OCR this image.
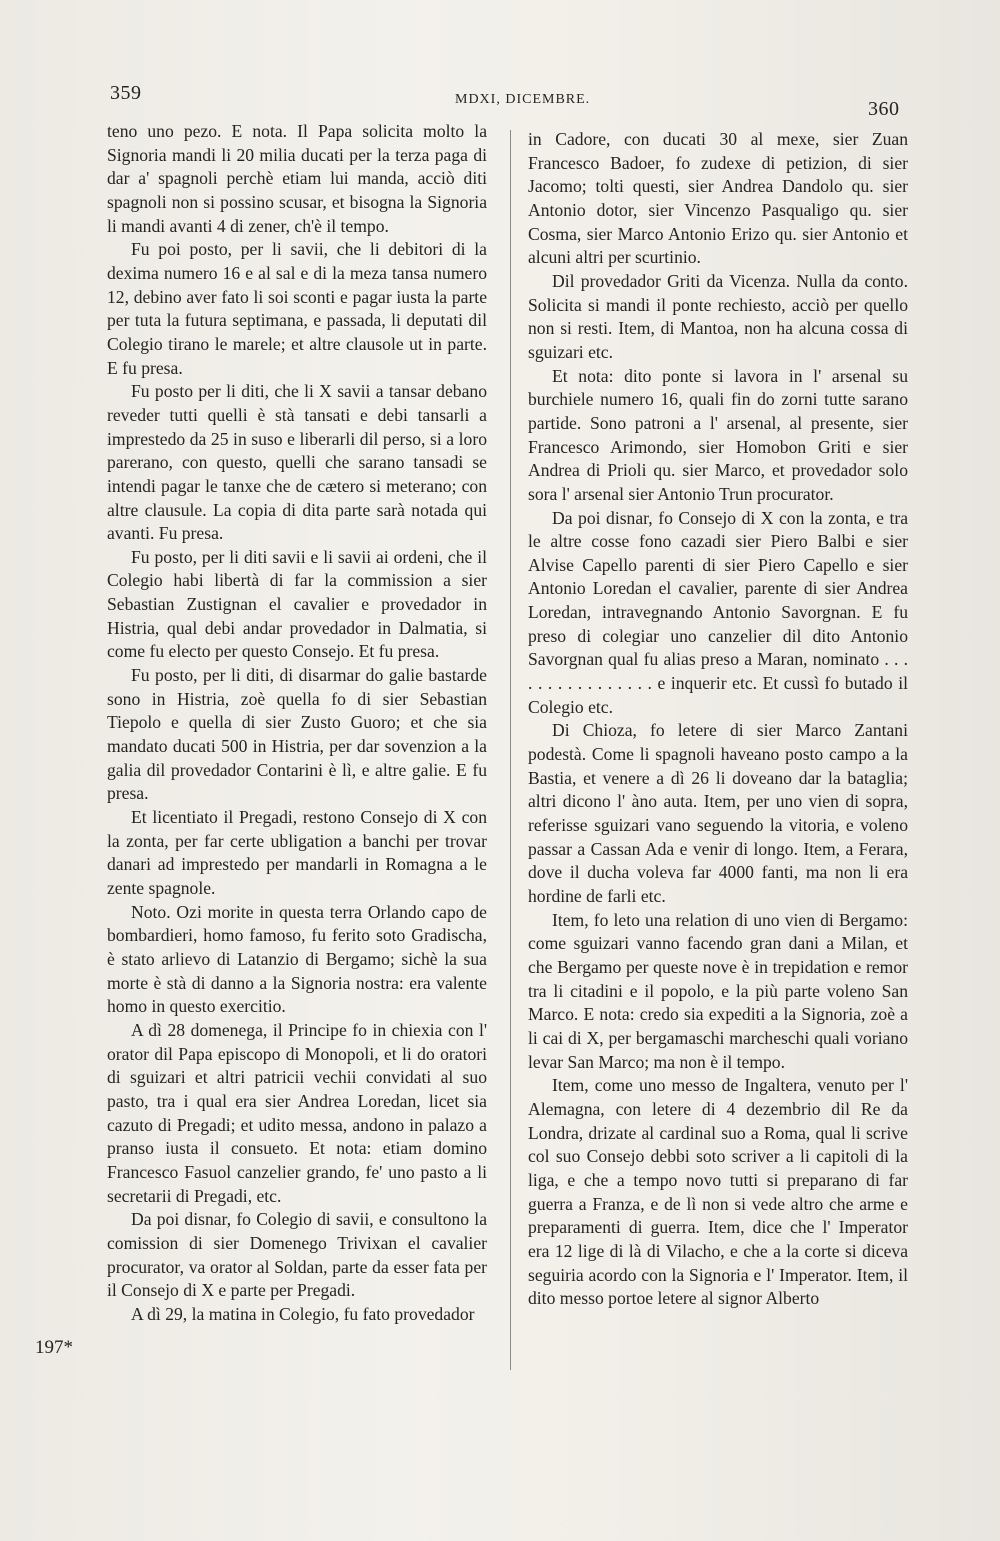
359	MDXI, DICEMBRE.	360

teno uno pezo. E nota. Il Papa solicita molto la Signoria mandi li 20 milia ducati per la terza paga di dar a' spagnoli perchè etiam lui manda, acciò diti spagnoli non si possino scusar, et bisogna la Signoria li mandi avanti 4 di zener, ch'è il tempo.

Fu poi posto, per li savii, che li debitori di la dexima numero 16 e al sal e di la meza tansa numero 12, debino aver fato li soi sconti e pagar iusta la parte per tuta la futura septimana, e passada, li deputati dil Colegio tirano le marele; et altre clausole ut in parte. E fu presa.

Fu posto per li diti, che li X savii a tansar debano reveder tutti quelli è stà tansati e debi tansarli a imprestedo da 25 in suso e liberarli dil perso, si a loro parerano, con questo, quelli che sarano tansadi se intendi pagar le tanxe che de cætero si meterano; con altre clausule. La copia di dita parte sarà notada qui avanti. Fu presa.

Fu posto, per li diti savii e li savii ai ordeni, che il Colegio habi libertà di far la commission a sier Sebastian Zustignan el cavalier e provedador in Histria, qual debi andar provedador in Dalmatia, si come fu electo per questo Consejo. Et fu presa.

Fu posto, per li diti, di disarmar do galie bastarde sono in Histria, zoè quella fo di sier Sebastian Tiepolo e quella di sier Zusto Guoro; et che sia mandato ducati 500 in Histria, per dar sovenzion a la galia dil provedador Contarini è lì, e altre galie. E fu presa.

Et licentiato il Pregadi, restono Consejo di X con la zonta, per far certe ubligation a banchi per trovar danari ad imprestedo per mandarli in Romagna a le zente spagnole.

Noto. Ozi morite in questa terra Orlando capo de bombardieri, homo famoso, fu ferito soto Gradischa, è stato arlievo di Latanzio di Bergamo; sichè la sua morte è stà di danno a la Signoria nostra: era valente homo in questo exercitio.

A dì 28 domenega, il Principe fo in chiexia con l' orator dil Papa episcopo di Monopoli, et li do oratori di sguizari et altri patricii vechii convidati al suo pasto, tra i qual era sier Andrea Loredan, licet sia cazuto di Pregadi; et udito messa, andono in palazo a pranso iusta il consueto. Et nota: etiam domino Francesco Fasuol canzelier grando, fe' uno pasto a li secretarii di Pregadi, etc.

Da poi disnar, fo Colegio di savii, e consultono la comission di sier Domenego Trivixan el cavalier procurator, va orator al Soldan, parte da esser fata per il Consejo di X e parte per Pregadi.

A dì 29, la matina in Colegio, fu fato provedador

in Cadore, con ducati 30 al mexe, sier Zuan Francesco Badoer, fo zudexe di petizion, di sier Jacomo; tolti questi, sier Andrea Dandolo qu. sier Antonio dotor, sier Vincenzo Pasqualigo qu. sier Cosma, sier Marco Antonio Erizo qu. sier Antonio et alcuni altri per scurtinio.

Dil provedador Griti da Vicenza. Nulla da conto. Solicita si mandi il ponte rechiesto, acciò per quello non si resti. Item, di Mantoa, non ha alcuna cossa di sguizari etc.

Et nota: dito ponte si lavora in l' arsenal su burchiele numero 16, quali fin do zorni tutte sarano partide. Sono patroni a l' arsenal, al presente, sier Francesco Arimondo, sier Homobon Griti e sier Andrea di Prioli qu. sier Marco, et provedador solo sora l' arsenal sier Antonio Trun procurator.

Da poi disnar, fo Consejo di X con la zonta, e tra le altre cosse fono cazadi sier Piero Balbi e sier Alvise Capello parenti di sier Piero Capello e sier Antonio Loredan el cavalier, parente di sier Andrea Loredan, intravegnando Antonio Savorgnan. E fu preso di colegiar uno canzelier dil dito Antonio Savorgnan qual fu alias preso a Maran, nominato . . . . . . . . . . . . . . . . e inquerir etc. Et cussì fo butado il Colegio etc.

Di Chioza, fo letere di sier Marco Zantani podestà. Come li spagnoli haveano posto campo a la Bastia, et venere a dì 26 li doveano dar la bataglia; altri dicono l' àno auta. Item, per uno vien di sopra, referisse sguizari vano seguendo la vitoria, e voleno passar a Cassan Ada e venir di longo. Item, a Ferara, dove il ducha voleva far 4000 fanti, ma non li era hordine de farli etc.

Item, fo leto una relation di uno vien di Bergamo: come sguizari vanno facendo gran dani a Milan, et che Bergamo per queste nove è in trepidation e remor tra li citadini e il popolo, e la più parte voleno San Marco. E nota: credo sia expediti a la Signoria, zoè a li cai di X, per bergamaschi marcheschi quali voriano levar San Marco; ma non è il tempo.

Item, come uno messo de Ingaltera, venuto per l' Alemagna, con letere di 4 dezembrio dil Re da Londra, drizate al cardinal suo a Roma, qual li scrive col suo Consejo debbi soto scriver a li capitoli di la liga, e che a tempo novo tutti si preparano di far guerra a Franza, e de lì non si vede altro che arme e preparamenti di guerra. Item, dice che l' Imperator era 12 lige di là di Vilacho, e che a la corte si diceva seguiria acordo con la Signoria e l' Imperator. Item, il dito messo portoe letere al signor Alberto

197*
